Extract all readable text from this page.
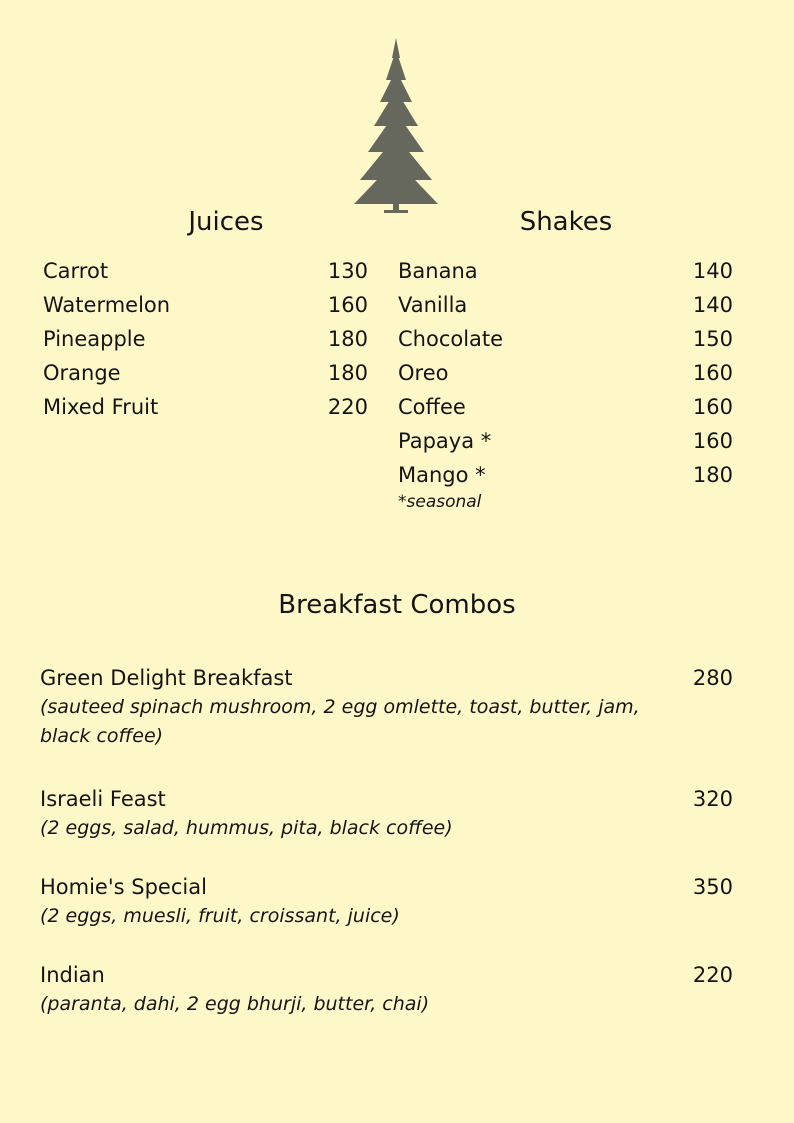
Juices	Shakes
Carrot	130
Watermelon	160
Pineapple	180
Orange	180
Mixed Fruit	220
Banana	140
Vanilla	140
Chocolate	150
Oreo	160
Coffee	160
Papaya *	160
Mango *	180
*seasonal
Breakfast Combos
Green Delight Breakfast	280
(sauteed spinach mushroom, 2 egg omlette, toast, butter, jam, black coffee)
Israeli Feast	320
(2 eggs, salad, hummus, pita, black coffee)
Homie's Special	350
(2 eggs, muesli, fruit, croissant, juice)
Indian	220
(paranta, dahi, 2 egg bhurji, butter, chai)
